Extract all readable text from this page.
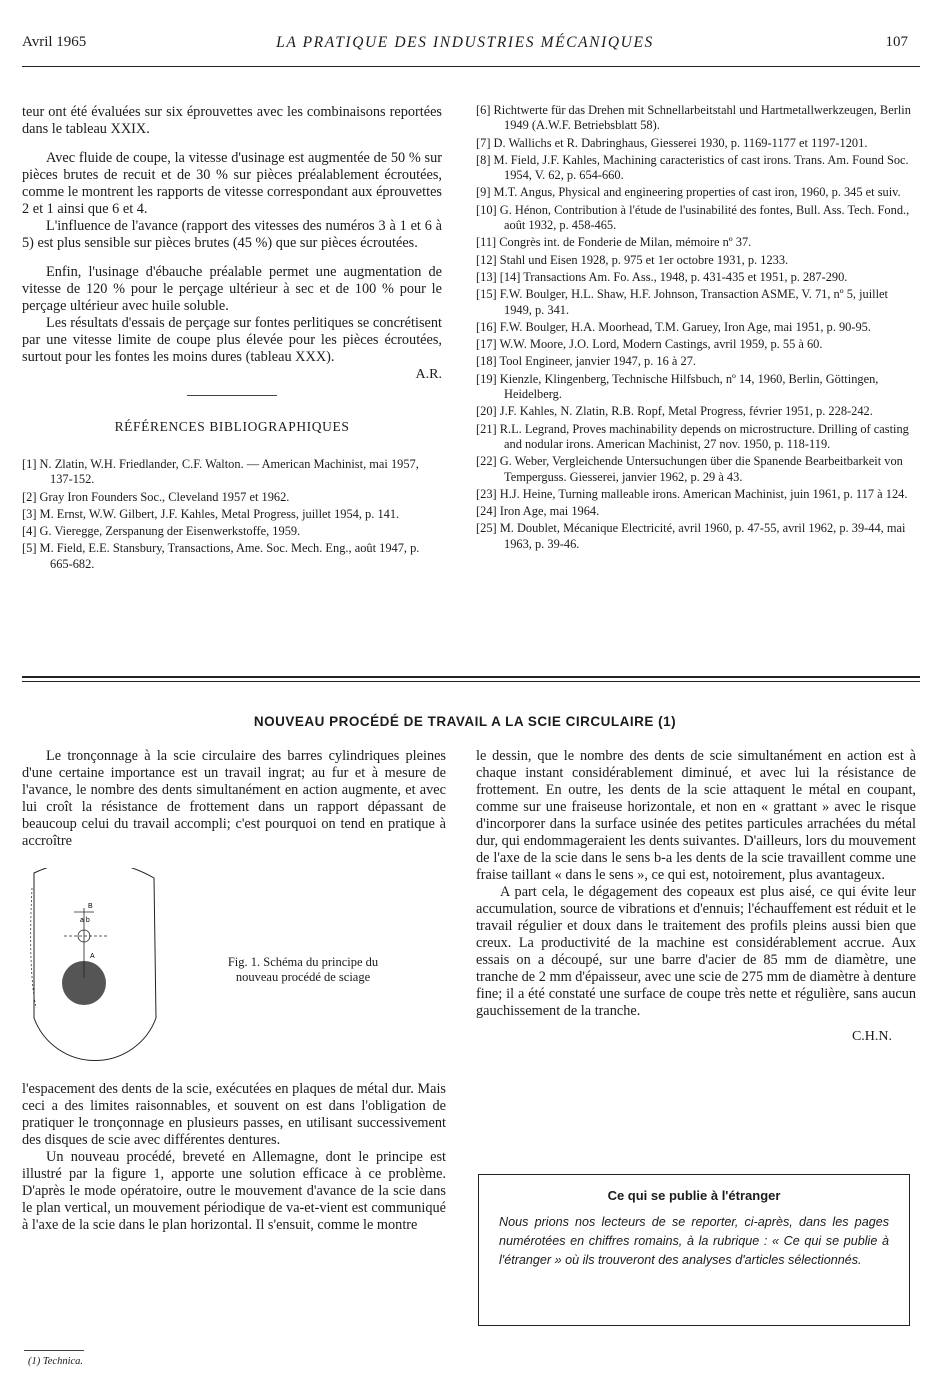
Avril 1965	LA PRATIQUE DES INDUSTRIES MÉCANIQUES	107

teur ont été évaluées sur six éprouvettes avec les combinaisons reportées dans le tableau XXIX.

Avec fluide de coupe, la vitesse d'usinage est augmentée de 50 % sur pièces brutes de recuit et de 30 % sur pièces préalablement écroutées, comme le montrent les rapports de vitesse correspondant aux éprouvettes 2 et 1 ainsi que 6 et 4.

L'influence de l'avance (rapport des vitesses des numéros 3 à 1 et 6 à 5) est plus sensible sur pièces brutes (45 %) que sur pièces écroutées.

Enfin, l'usinage d'ébauche préalable permet une augmentation de vitesse de 120 % pour le perçage ultérieur à sec et de 100 % pour le perçage ultérieur avec huile soluble.

Les résultats d'essais de perçage sur fontes perlitiques se concrétisent par une vitesse limite de coupe plus élevée pour les pièces écroutées, surtout pour les fontes les moins dures (tableau XXX).

A.R.
RÉFÉRENCES BIBLIOGRAPHIQUES
[1] N. Zlatin, W.H. Friedlander, C.F. Walton. — American Machinist, mai 1957, 137-152.
[2] Gray Iron Founders Soc., Cleveland 1957 et 1962.
[3] M. Ernst, W.W. Gilbert, J.F. Kahles, Metal Progress, juillet 1954, p. 141.
[4] G. Vieregge, Zerspanung der Eisenwerkstoffe, 1959.
[5] M. Field, E.E. Stansbury, Transactions, Ame. Soc. Mech. Eng., août 1947, p. 665-682.
[6] Richtwerte für das Drehen mit Schnellarbeitstahl und Hartmetallwerkzeugen, Berlin 1949 (A.W.F. Betriebsblatt 58).
[7] D. Wallichs et R. Dabringhaus, Giesserei 1930, p. 1169-1177 et 1197-1201.
[8] M. Field, J.F. Kahles, Machining caracteristics of cast irons. Trans. Am. Found Soc. 1954, V. 62, p. 654-660.
[9] M.T. Angus, Physical and engineering properties of cast iron, 1960, p. 345 et suiv.
[10] G. Hénon, Contribution à l'étude de l'usinabilité des fontes, Bull. Ass. Tech. Fond., août 1932, p. 458-465.
[11] Congrès int. de Fonderie de Milan, mémoire nº 37.
[12] Stahl und Eisen 1928, p. 975 et 1er octobre 1931, p. 1233.
[13] [14] Transactions Am. Fo. Ass., 1948, p. 431-435 et 1951, p. 287-290.
[15] F.W. Boulger, H.L. Shaw, H.F. Johnson, Transaction ASME, V. 71, nº 5, juillet 1949, p. 341.
[16] F.W. Boulger, H.A. Moorhead, T.M. Garuey, Iron Age, mai 1951, p. 90-95.
[17] W.W. Moore, J.O. Lord, Modern Castings, avril 1959, p. 55 à 60.
[18] Tool Engineer, janvier 1947, p. 16 à 27.
[19] Kienzle, Klingenberg, Technische Hilfsbuch, nº 14, 1960, Berlin, Göttingen, Heidelberg.
[20] J.F. Kahles, N. Zlatin, R.B. Ropf, Metal Progress, février 1951, p. 228-242.
[21] R.L. Legrand, Proves machinability depends on microstructure. Drilling of casting and nodular irons. American Machinist, 27 nov. 1950, p. 118-119.
[22] G. Weber, Vergleichende Untersuchungen über die Spanende Bearbeitbarkeit von Temperguss. Giesserei, janvier 1962, p. 29 à 43.
[23] H.J. Heine, Turning malleable irons. American Machinist, juin 1961, p. 117 à 124.
[24] Iron Age, mai 1964.
[25] M. Doublet, Mécanique Electricité, avril 1960, p. 47-55, avril 1962, p. 39-44, mai 1963, p. 39-46.
NOUVEAU PROCÉDÉ DE TRAVAIL A LA SCIE CIRCULAIRE (1)

Le tronçonnage à la scie circulaire des barres cylindriques pleines d'une certaine importance est un travail ingrat; au fur et à mesure de l'avance, le nombre des dents simultanément en action augmente, et avec lui croît la résistance de frottement dans un rapport dépassant de beaucoup celui du travail accompli; c'est pourquoi on tend en pratique à accroître

B
a b
A	Fig. 1. Schéma du principe du nouveau procédé de sciage

l'espacement des dents de la scie, exécutées en plaques de métal dur. Mais ceci a des limites raisonnables, et souvent on est dans l'obligation de pratiquer le tronçonnage en plusieurs passes, en utilisant successivement des disques de scie avec différentes dentures.

Un nouveau procédé, breveté en Allemagne, dont le principe est illustré par la figure 1, apporte une solution efficace à ce problème. D'après le mode opératoire, outre le mouvement d'avance de la scie dans le plan vertical, un mouvement périodique de va-et-vient est communiqué à l'axe de la scie dans le plan horizontal. Il s'ensuit, comme le montre

le dessin, que le nombre des dents de scie simultanément en action est à chaque instant considérablement diminué, et avec lui la résistance de frottement. En outre, les dents de la scie attaquent le métal en coupant, comme sur une fraiseuse horizontale, et non en « grattant » avec le risque d'incorporer dans la surface usinée des petites particules arrachées du métal dur, qui endommageraient les dents suivantes. D'ailleurs, lors du mouvement de l'axe de la scie dans le sens b-a les dents de la scie travaillent comme une fraise taillant « dans le sens », ce qui est, notoirement, plus avantageux.

A part cela, le dégagement des copeaux est plus aisé, ce qui évite leur accumulation, source de vibrations et d'ennuis; l'échauffement est réduit et le travail régulier et doux dans le traitement des profils pleins aussi bien que creux. La productivité de la machine est considérablement accrue. Aux essais on a découpé, sur une barre d'acier de 85 mm de diamètre, une tranche de 2 mm d'épaisseur, avec une scie de 275 mm de diamètre à denture fine; il a été constaté une surface de coupe très nette et régulière, sans aucun gauchissement de la tranche.

C.H.N.
Ce qui se publie à l'étranger
Nous prions nos lecteurs de se reporter, ci-après, dans les pages numérotées en chiffres romains, à la rubrique : « Ce qui se publie à l'étranger » où ils trouveront des analyses d'articles sélectionnés.
(1) Technica.
